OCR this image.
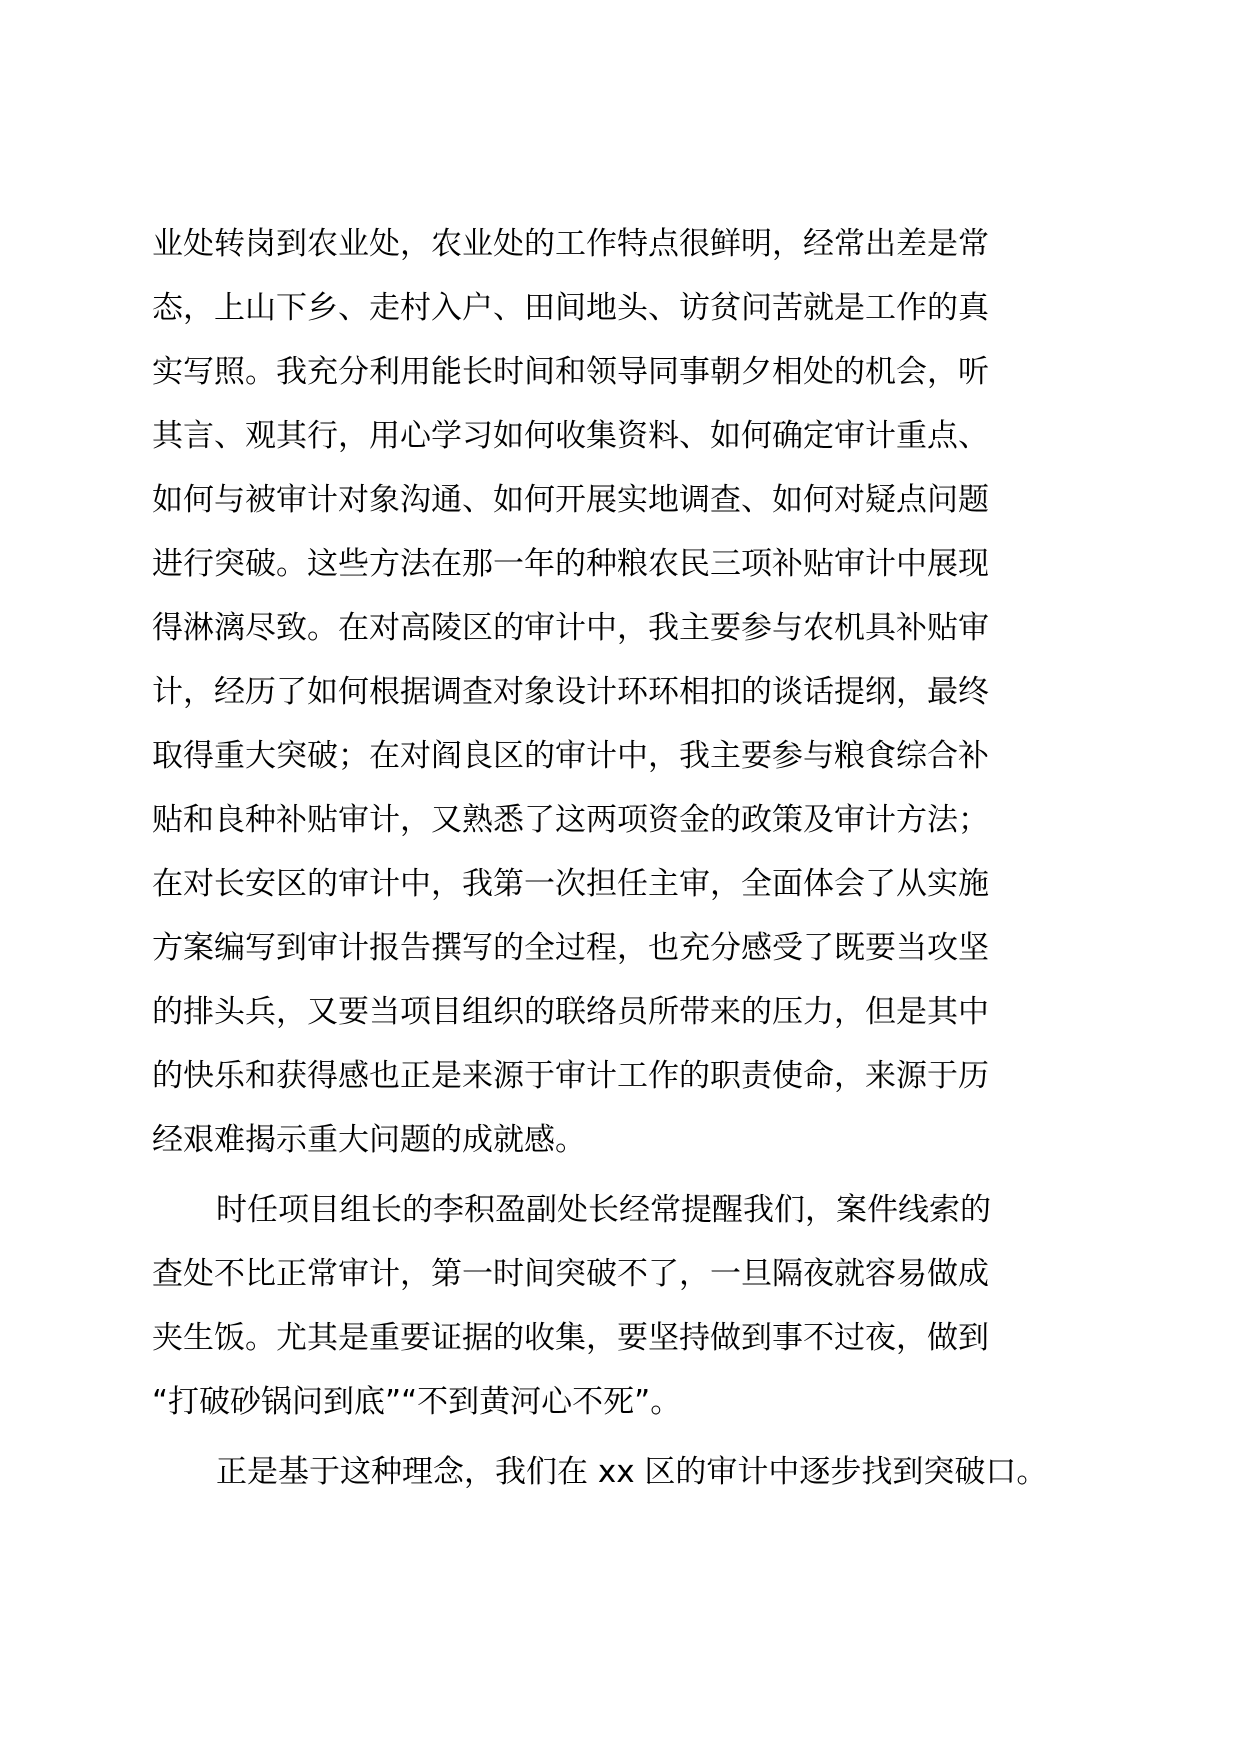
业处转岗到农业处，农业处的工作特点很鲜明，经常出差是常
态，上山下乡、走村入户、田间地头、访贫问苦就是工作的真
实写照。我充分利用能长时间和领导同事朝夕相处的机会，听
其言、观其行，用心学习如何收集资料、如何确定审计重点、
如何与被审计对象沟通、如何开展实地调查、如何对疑点问题
进行突破。这些方法在那一年的种粮农民三项补贴审计中展现
得淋漓尽致。在对高陵区的审计中，我主要参与农机具补贴审
计，经历了如何根据调查对象设计环环相扣的谈话提纲，最终
取得重大突破；在对阎良区的审计中，我主要参与粮食综合补
贴和良种补贴审计，又熟悉了这两项资金的政策及审计方法；
在对长安区的审计中，我第一次担任主审，全面体会了从实施
方案编写到审计报告撰写的全过程，也充分感受了既要当攻坚
的排头兵，又要当项目组织的联络员所带来的压力，但是其中
的快乐和获得感也正是来源于审计工作的职责使命，来源于历
经艰难揭示重大问题的成就感。
时任项目组长的李积盈副处长经常提醒我们，案件线索的
查处不比正常审计，第一时间突破不了，一旦隔夜就容易做成
夹生饭。尤其是重要证据的收集，要坚持做到事不过夜，做到
“打破砂锅问到底”“不到黄河心不死”。
正是基于这种理念，我们在 xx 区的审计中逐步找到突破口。
